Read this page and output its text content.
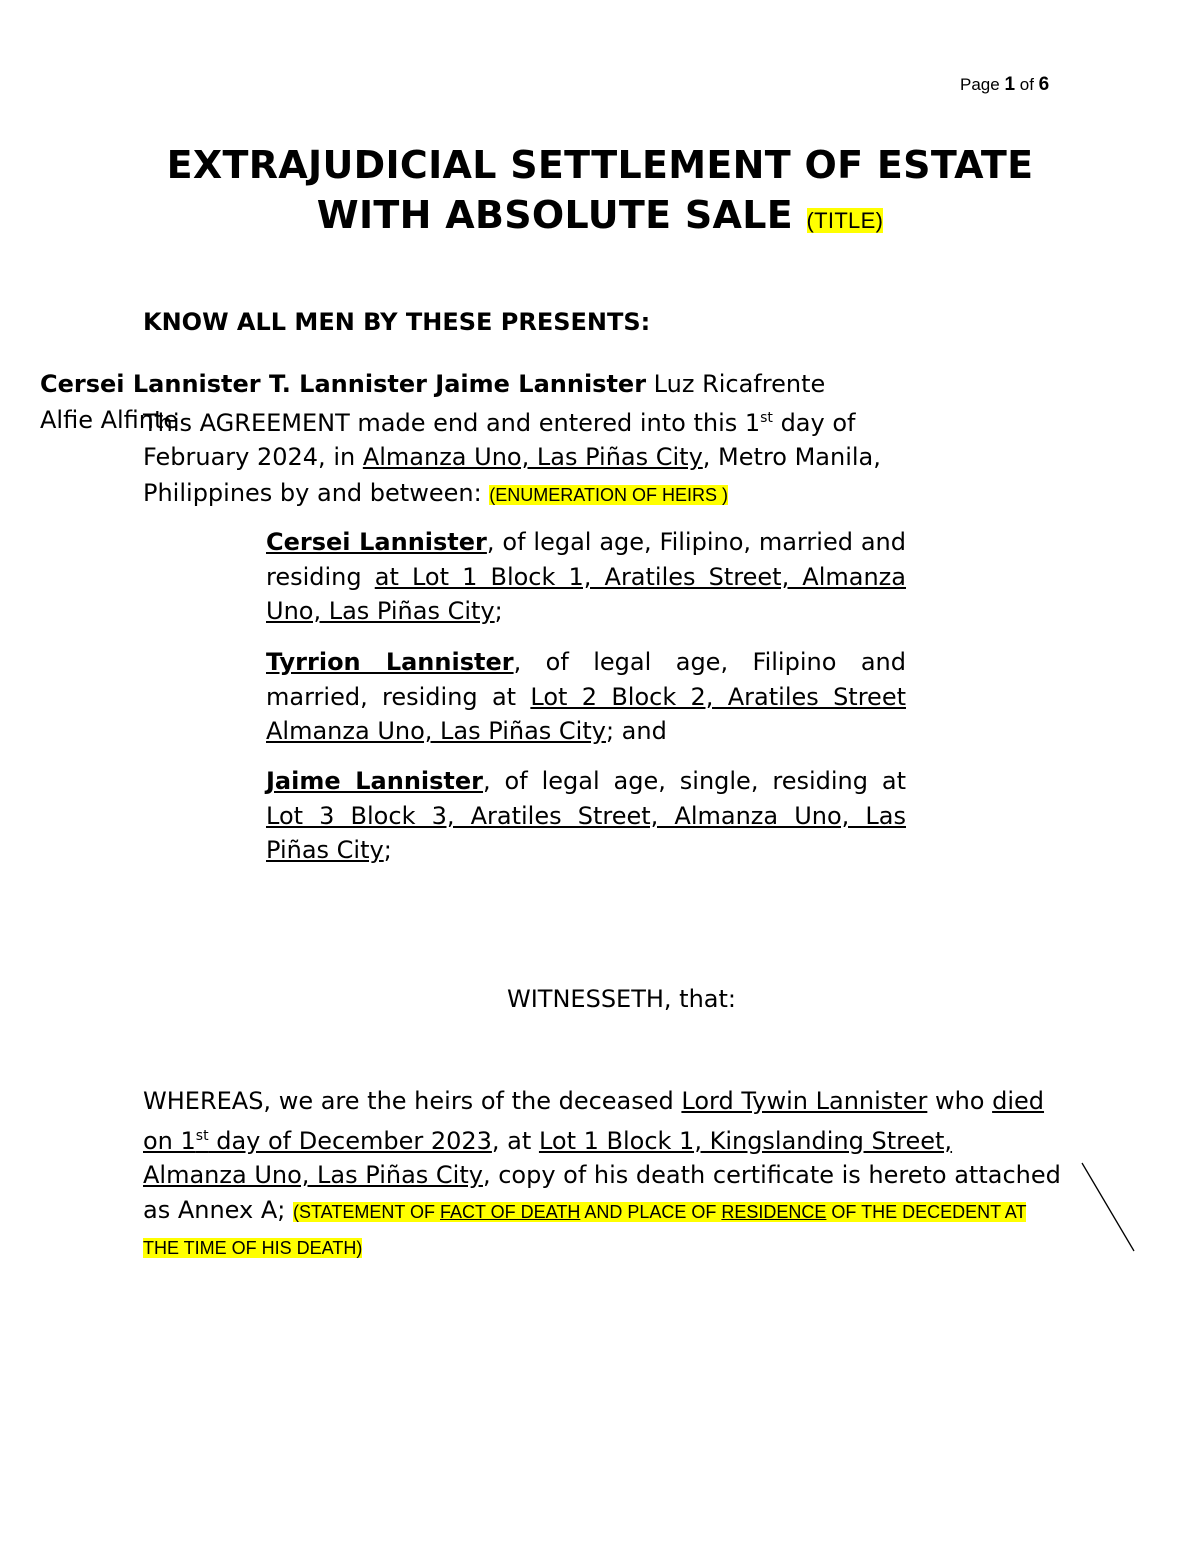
Page 1 of 6
EXTRAJUDICIAL SETTLEMENT OF ESTATE
WITH ABSOLUTE SALE (TITLE)
KNOW ALL MEN BY THESE PRESENTS:
Cersei Lannister T. Lannister Jaime Lannister Luz Ricafrente
Alfie Alfinte
This AGREEMENT made end and entered into this 1st day of
February 2024, in Almanza Uno, Las Piñas City, Metro Manila,
Philippines by and between: (ENUMERATION OF HEIRS )
Cersei Lannister, of legal age, Filipino, married and residing at Lot 1 Block 1, Aratiles Street, Almanza Uno, Las Piñas City;
Tyrrion Lannister, of legal age, Filipino and married, residing at Lot 2 Block 2, Aratiles Street Almanza Uno, Las Piñas City; and
Jaime Lannister, of legal age, single, residing at Lot 3 Block 3, Aratiles Street, Almanza Uno, Las Piñas City;
WITNESSETH, that:
WHEREAS, we are the heirs of the deceased Lord Tywin Lannister who died on 1st day of December 2023, at Lot 1 Block 1, Kingslanding Street, Almanza Uno, Las Piñas City, copy of his death certificate is hereto attached as Annex A; (STATEMENT OF FACT OF DEATH AND PLACE OF RESIDENCE OF THE DECEDENT AT THE TIME OF HIS DEATH)
